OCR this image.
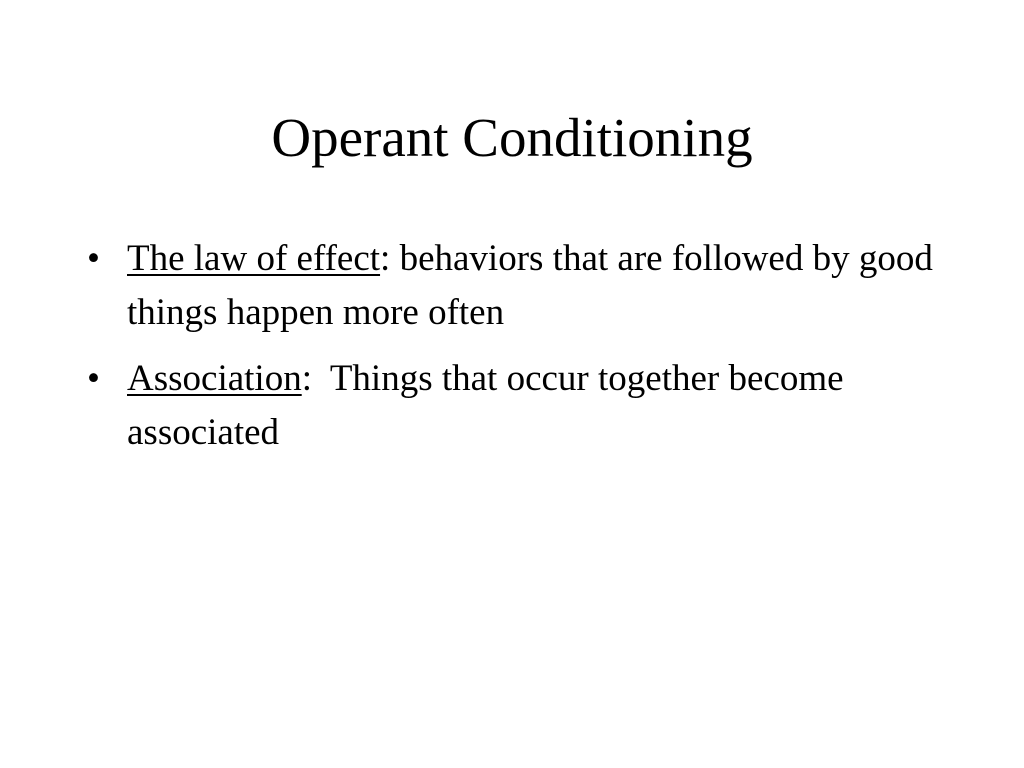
Operant Conditioning
• The law of effect: behaviors that are followed by good things happen more often
• Association:  Things that occur together become associated
